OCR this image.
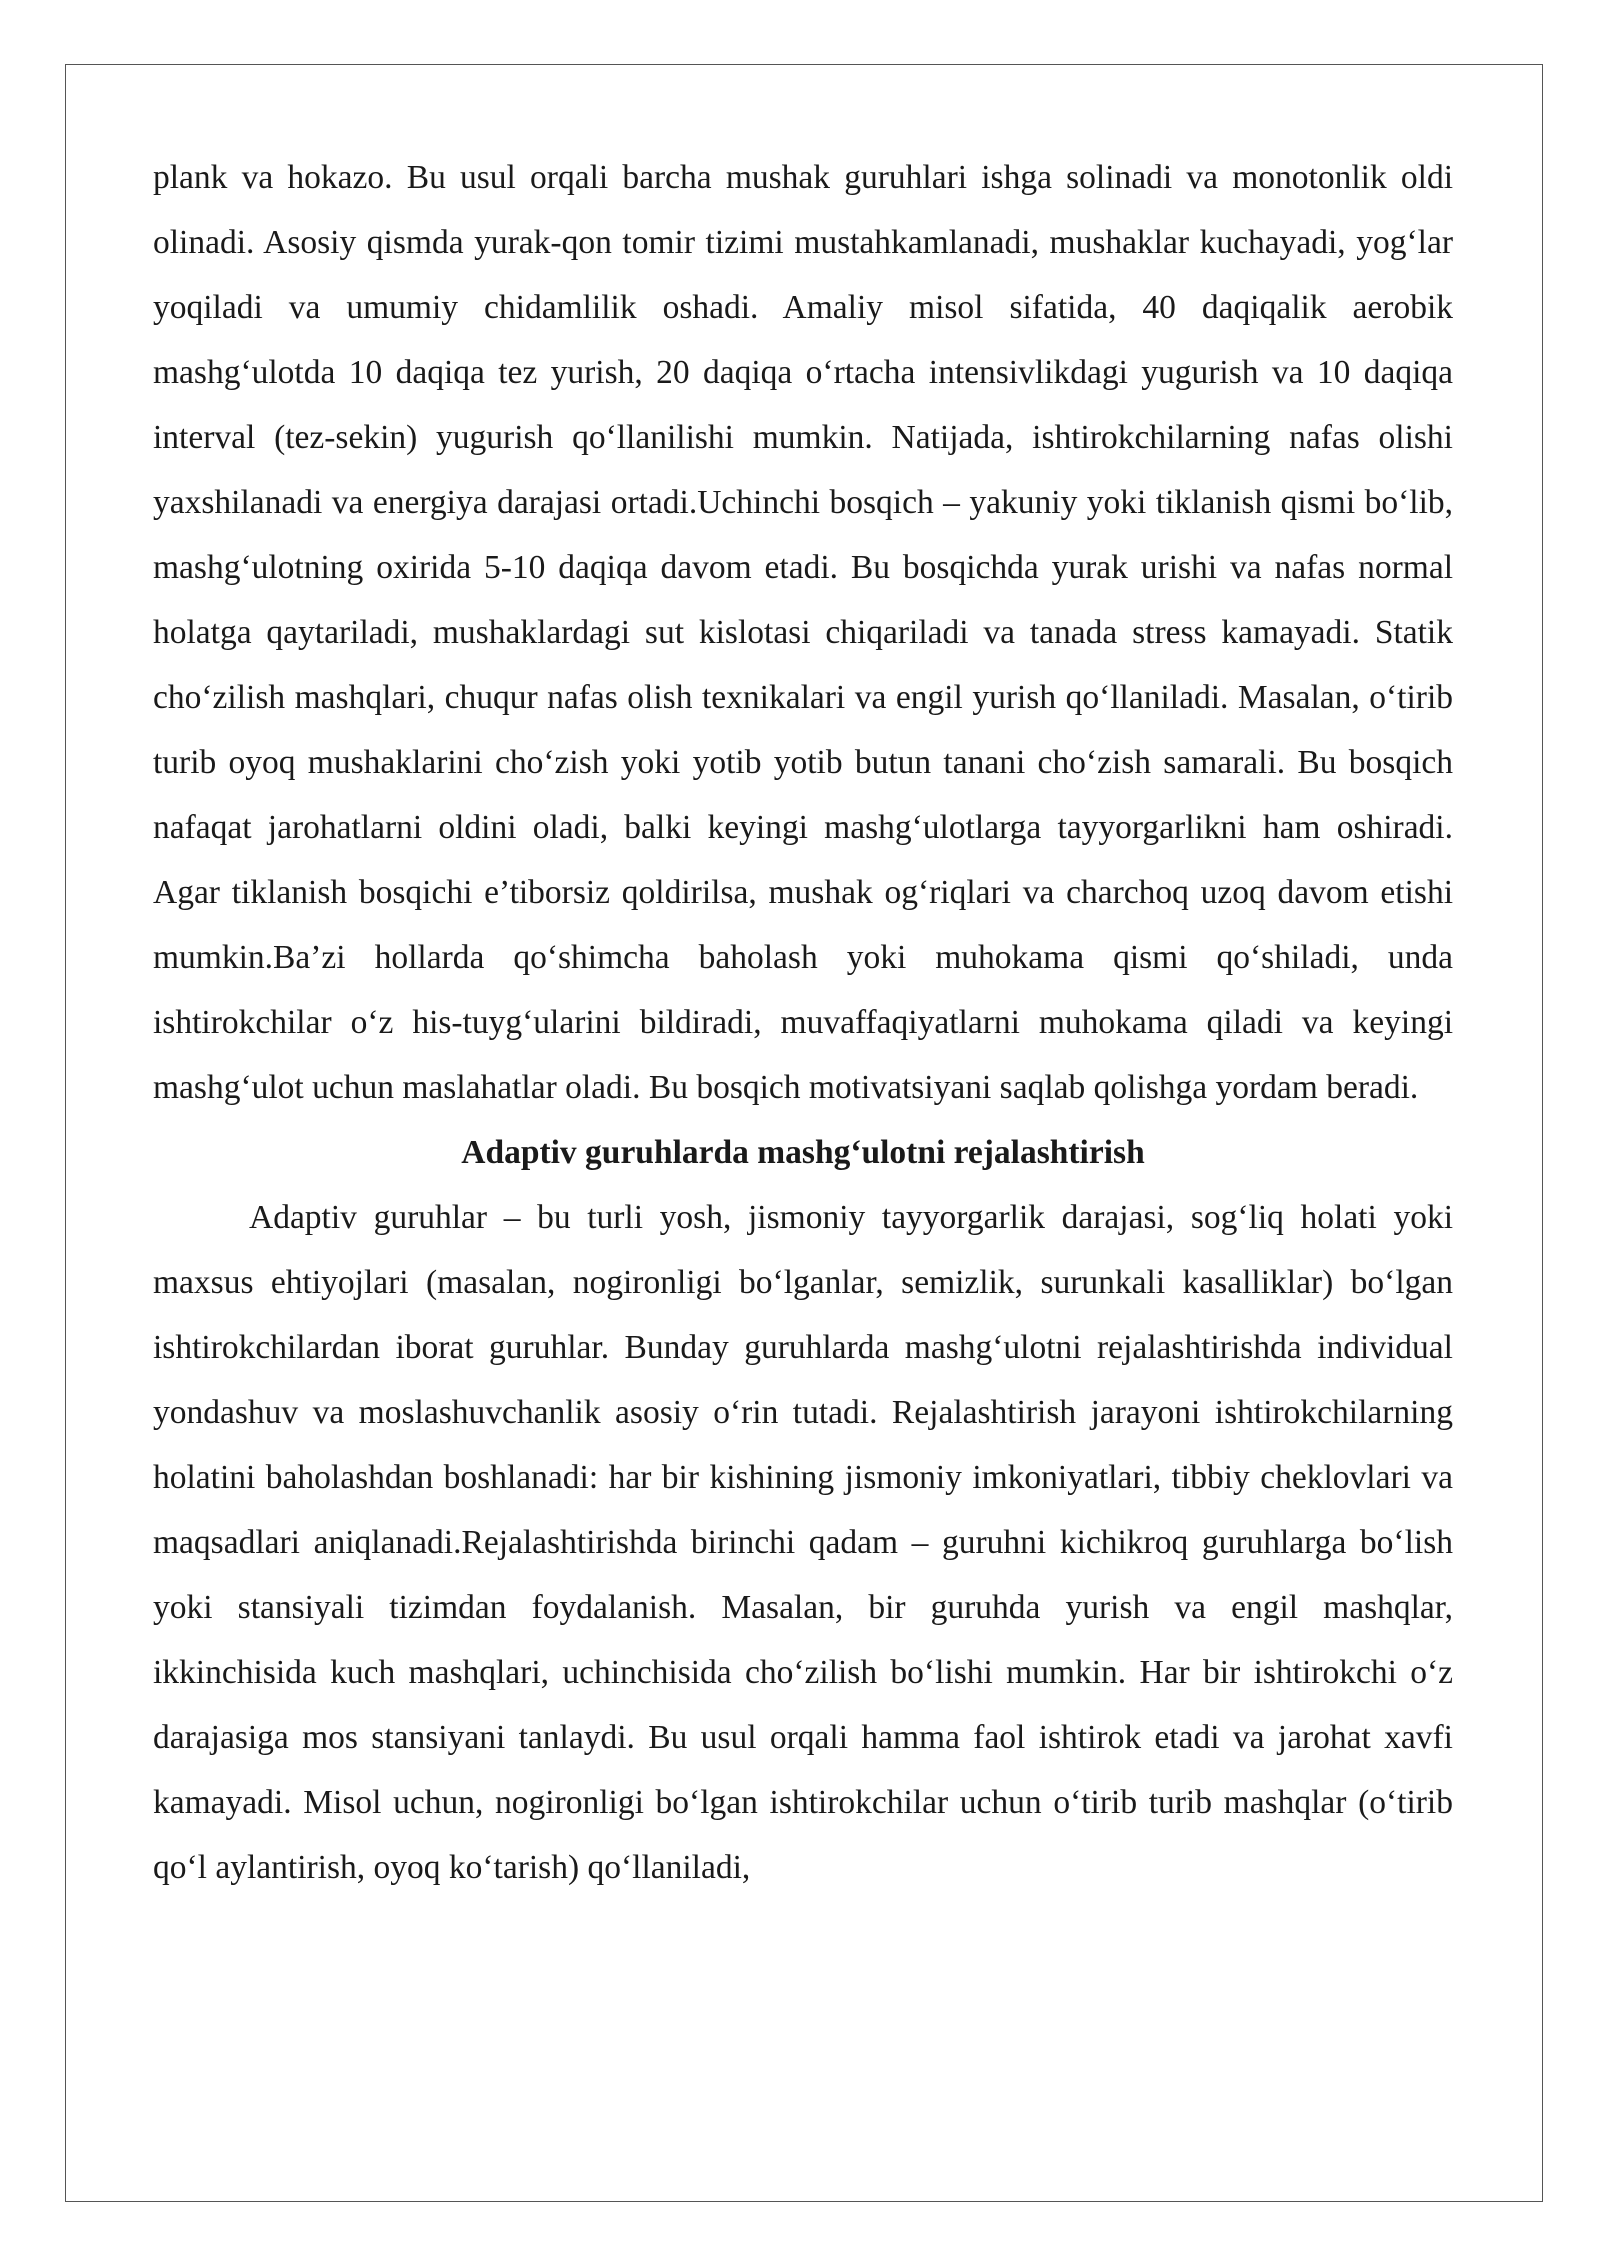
plank va hokazo. Bu usul orqali barcha mushak guruhlari ishga solinadi va monotonlik oldi olinadi. Asosiy qismda yurak-qon tomir tizimi mustahkamlanadi, mushaklar kuchayadi, yog‘lar yoqiladi va umumiy chidamlilik oshadi. Amaliy misol sifatida, 40 daqiqalik aerobik mashg‘ulotda 10 daqiqa tez yurish, 20 daqiqa o‘rtacha intensivlikdagi yugurish va 10 daqiqa interval (tez-sekin) yugurish qo‘llanilishi mumkin. Natijada, ishtirokchilarning nafas olishi yaxshilanadi va energiya darajasi ortadi.Uchinchi bosqich – yakuniy yoki tiklanish qismi bo‘lib, mashg‘ulotning oxirida 5-10 daqiqa davom etadi. Bu bosqichda yurak urishi va nafas normal holatga qaytariladi, mushaklardagi sut kislotasi chiqariladi va tanada stress kamayadi. Statik cho‘zilish mashqlari, chuqur nafas olish texnikalari va engil yurish qo‘llaniladi. Masalan, o‘tirib turib oyoq mushaklarini cho‘zish yoki yotib yotib butun tanani cho‘zish samarali. Bu bosqich nafaqat jarohatlarni oldini oladi, balki keyingi mashg‘ulotlarga tayyorgarlikni ham oshiradi. Agar tiklanish bosqichi e’tiborsiz qoldirilsa, mushak og‘riqlari va charchoq uzoq davom etishi mumkin.Ba’zi hollarda qo‘shimcha baholash yoki muhokama qismi qo‘shiladi, unda ishtirokchilar o‘z his-tuyg‘ularini bildiradi, muvaffaqiyatlarni muhokama qiladi va keyingi mashg‘ulot uchun maslahatlar oladi. Bu bosqich motivatsiyani saqlab qolishga yordam beradi.

Adaptiv guruhlarda mashg‘ulotni rejalashtirish

Adaptiv guruhlar – bu turli yosh, jismoniy tayyorgarlik darajasi, sog‘liq holati yoki maxsus ehtiyojlari (masalan, nogironligi bo‘lganlar, semizlik, surunkali kasalliklar) bo‘lgan ishtirokchilardan iborat guruhlar. Bunday guruhlarda mashg‘ulotni rejalashtirishda individual yondashuv va moslashuvchanlik asosiy o‘rin tutadi. Rejalashtirish jarayoni ishtirokchilarning holatini baholashdan boshlanadi: har bir kishining jismoniy imkoniyatlari, tibbiy cheklovlari va maqsadlari aniqlanadi.Rejalashtirishda birinchi qadam – guruhni kichikroq guruhlarga bo‘lish yoki stansiyali tizimdan foydalanish. Masalan, bir guruhda yurish va engil mashqlar, ikkinchisida kuch mashqlari, uchinchisida cho‘zilish bo‘lishi mumkin. Har bir ishtirokchi o‘z darajasiga mos stansiyani tanlaydi. Bu usul orqali hamma faol ishtirok etadi va jarohat xavfi kamayadi. Misol uchun, nogironligi bo‘lgan ishtirokchilar uchun o‘tirib turib mashqlar (o‘tirib qo‘l aylantirish, oyoq ko‘tarish) qo‘llaniladi,
